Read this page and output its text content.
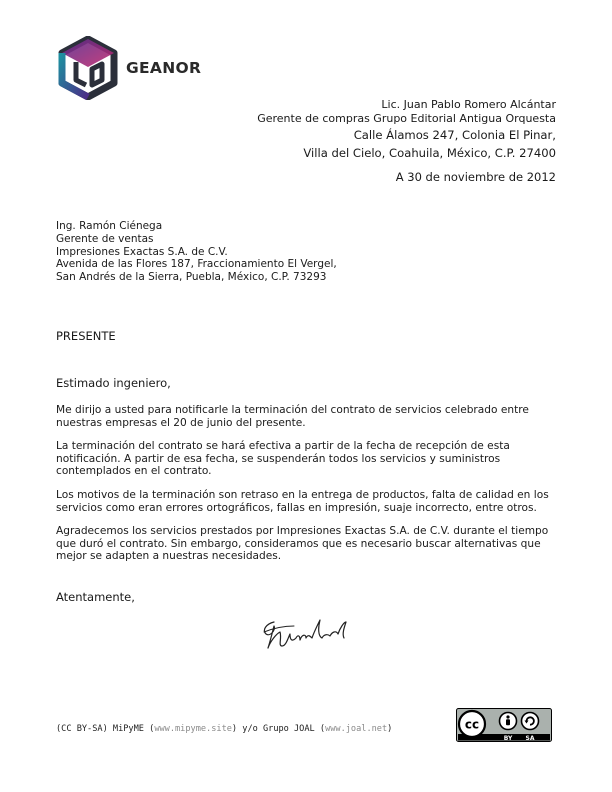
GEANOR
Lic. Juan Pablo Romero Alcántar
Gerente de compras Grupo Editorial Antigua Orquesta
Calle Álamos 247, Colonia El Pinar,
Villa del Cielo, Coahuila, México, C.P. 27400
A 30 de noviembre de 2012
Ing. Ramón Ciénega
Gerente de ventas
Impresiones Exactas S.A. de C.V.
Avenida de las Flores 187, Fraccionamiento El Vergel,
San Andrés de la Sierra, Puebla, México, C.P. 73293
PRESENTE
Estimado ingeniero,

Me dirijo a usted para notificarle la terminación del contrato de servicios celebrado entre nuestras empresas el 20 de junio del presente.

La terminación del contrato se hará efectiva a partir de la fecha de recepción de esta notificación. A partir de esa fecha, se suspenderán todos los servicios y suministros contemplados en el contrato.

Los motivos de la terminación son retraso en la entrega de productos, falta de calidad en los servicios como eran errores ortográficos, fallas en impresión, suaje incorrecto, entre otros.

Agradecemos los servicios prestados por Impresiones Exactas S.A. de C.V. durante el tiempo que duró el contrato. Sin embargo, consideramos que es necesario buscar alternativas que mejor se adapten a nuestras necesidades.

Atentamente,
(CC BY-SA) MiPyME (www.mipyme.site) y/o Grupo JOAL (www.joal.net)	cc
BY SA
